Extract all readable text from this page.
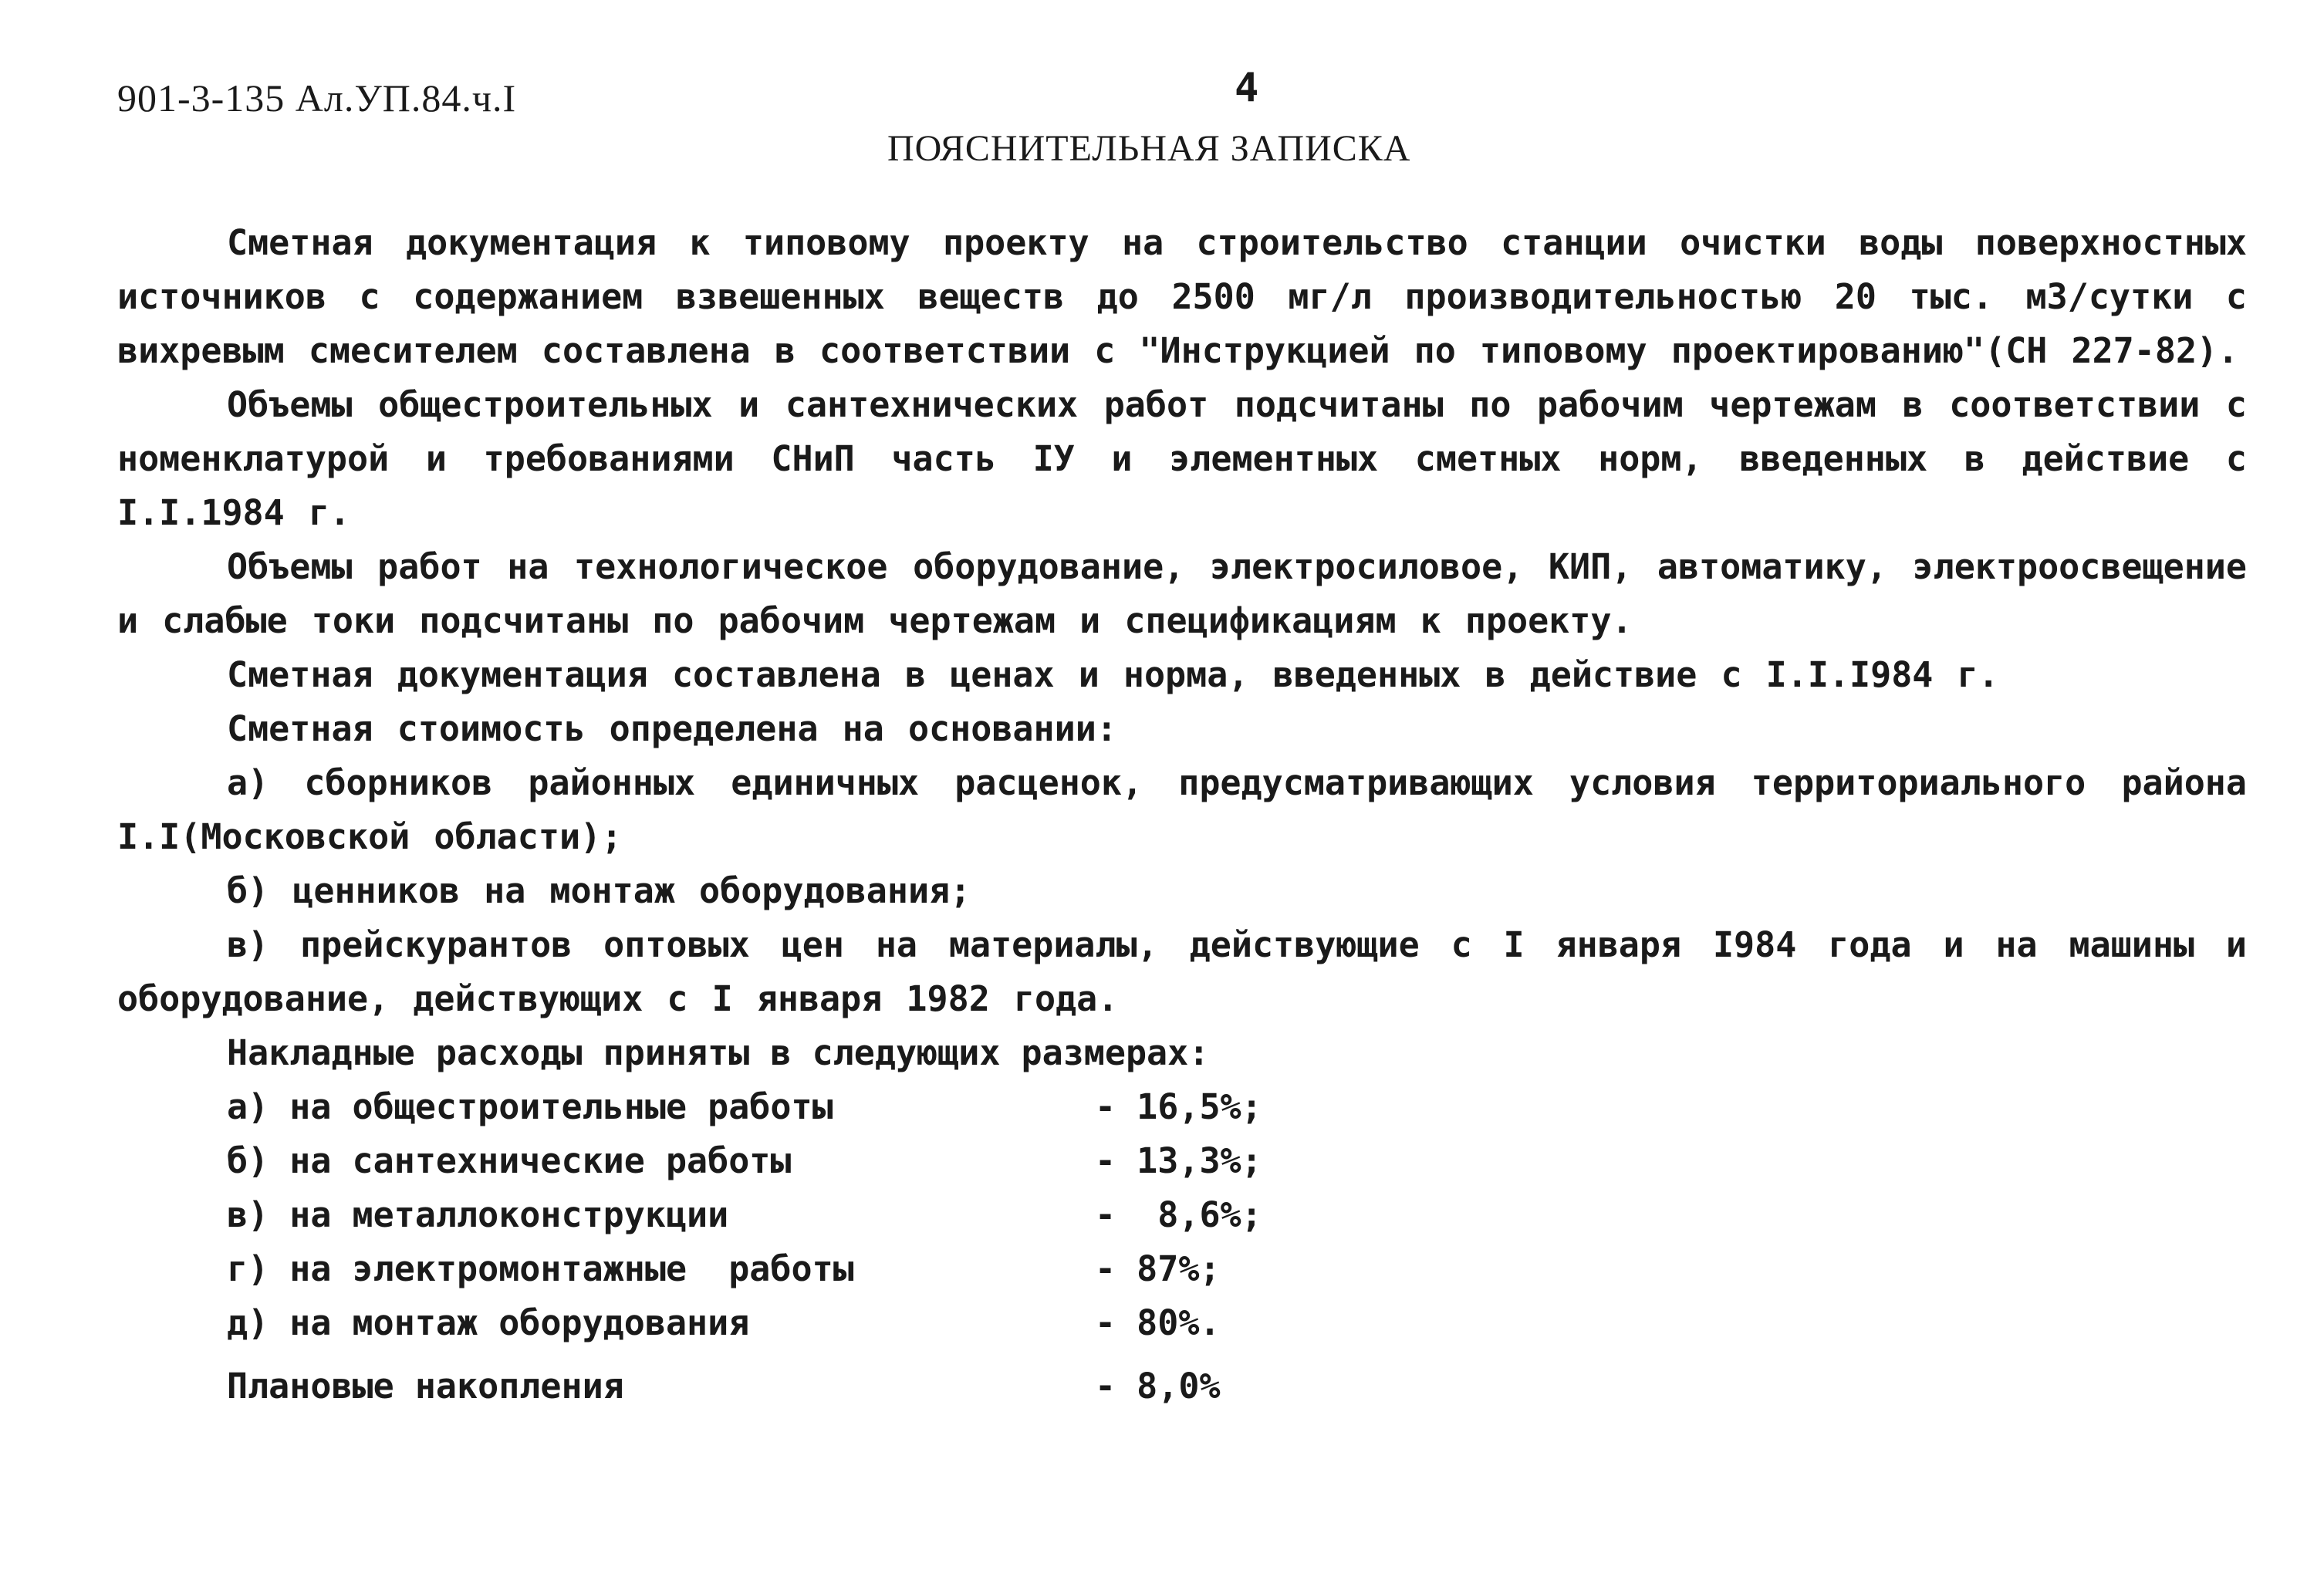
901-3-135 Ал.УП.84.ч.I	4
ПОЯСНИТЕЛЬНАЯ ЗАПИСКА

Сметная документация к типовому проекту на строительство станции очистки воды поверхностных источников с содержанием взвешенных веществ до 2500 мг/л производительностью 20 тыс. м3/сутки с вихревым смесителем составлена в соответствии с "Инструкцией по типовому проектированию"(СН 227-82).

Объемы общестроительных и сантехнических работ подсчитаны по рабочим чертежам в соответствии с номенклатурой и требованиями СНиП часть IУ и элементных сметных норм, введенных в действие с I.I.1984 г.

Объемы работ на технологическое оборудование, электросиловое, КИП, автоматику, электроосвещение и слабые токи подсчитаны по рабочим чертежам и спецификациям к проекту.

Сметная документация составлена в ценах и норма, введенных в действие с I.I.I984 г.

Сметная стоимость определена на основании:

а) сборников районных единичных расценок, предусматривающих условия территориального района I.I(Московской области);

б) ценников на монтаж оборудования;

в) прейскурантов оптовых цен на материалы, действующие с I января I984 года и на машины и оборудование, действующих с I января 1982 года.

Накладные расходы приняты в следующих размерах:

а) на общестроительные работы	- 16,5%;
б) на сантехнические работы	- 13,3%;
в) на металлоконструкции	-  8,6%;
г) на электромонтажные  работы	- 87%;
д) на монтаж оборудования	- 80%.
Плановые накопления	- 8,0%
